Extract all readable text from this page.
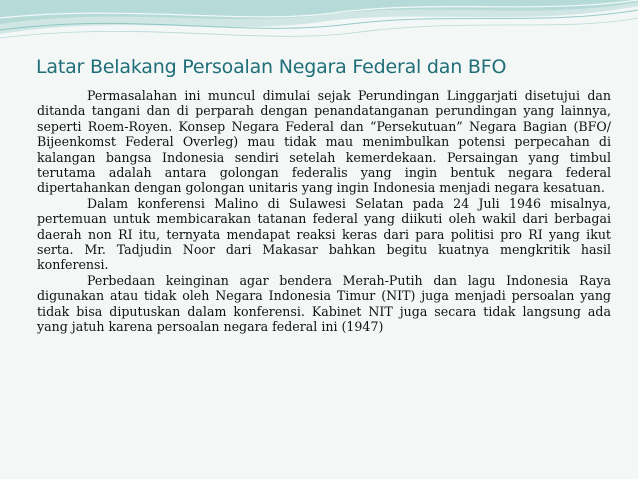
Latar Belakang Persoalan Negara Federal dan BFO

Permasalahan ini muncul dimulai sejak Perundingan Linggarjati disetujui dan ditanda tangani dan di perparah dengan penandatanganan perundingan yang lainnya, seperti Roem-Royen. Konsep Negara Federal dan “Persekutuan” Negara Bagian (BFO/ Bijeenkomst Federal Overleg) mau tidak mau menimbulkan potensi perpecahan di kalangan bangsa Indonesia sendiri setelah kemerdekaan. Persaingan yang timbul terutama adalah antara golongan federalis yang ingin bentuk negara federal dipertahankan dengan golongan unitaris yang ingin Indonesia menjadi negara kesatuan.

Dalam konferensi Malino di Sulawesi Selatan pada 24 Juli 1946 misalnya, pertemuan untuk membicarakan tatanan federal yang diikuti oleh wakil dari berbagai daerah non RI itu, ternyata mendapat reaksi keras dari para politisi pro RI yang ikut serta. Mr. Tadjudin Noor dari Makasar bahkan begitu kuatnya mengkritik hasil konferensi.

Perbedaan keinginan agar bendera Merah-Putih dan lagu Indonesia Raya digunakan atau tidak oleh Negara Indonesia Timur (NIT) juga menjadi persoalan yang tidak bisa diputuskan dalam konferensi. Kabinet NIT juga secara tidak langsung ada yang jatuh karena persoalan negara federal ini (1947)
